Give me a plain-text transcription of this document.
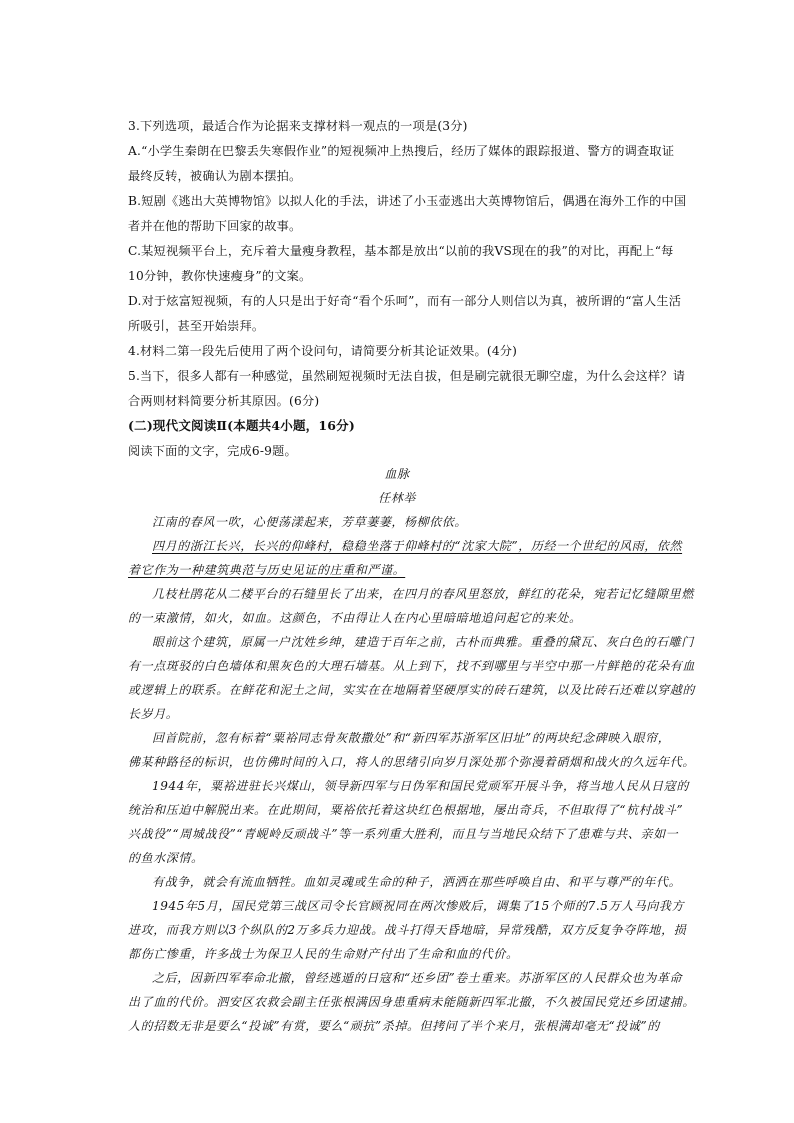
3.下列选项，最适合作为论据来支撑材料一观点的一项是(3分)
A.“小学生秦朗在巴黎丢失寒假作业”的短视频冲上热搜后，经历了媒体的跟踪报道、警方的调查取证
最终反转，被确认为剧本摆拍。
B.短剧《逃出大英博物馆》以拟人化的手法，讲述了小玉壶逃出大英博物馆后，偶遇在海外工作的中国
者并在他的帮助下回家的故事。
C.某短视频平台上，充斥着大量瘦身教程，基本都是放出“以前的我VS现在的我”的对比，再配上“每
10分钟，教你快速瘦身”的文案。
D.对于炫富短视频，有的人只是出于好奇“看个乐呵”，而有一部分人则信以为真，被所谓的“富人生活
所吸引，甚至开始崇拜。
4.材料二第一段先后使用了两个设问句，请简要分析其论证效果。(4分)
5.当下，很多人都有一种感觉，虽然刷短视频时无法自拔，但是刷完就很无聊空虚，为什么会这样？请
合两则材料简要分析其原因。(6分)
(二)现代文阅读Ⅱ(本题共4小题，16分)
阅读下面的文字，完成6-9题。
血脉
任林举
江南的春风一吹，心便荡漾起来，芳草萋萋，杨柳依依。
四月的浙江长兴，长兴的仰峰村，稳稳坐落于仰峰村的“沈家大院”，历经一个世纪的风雨，依然
着它作为一种建筑典范与历史见证的庄重和严谨。
几枝杜鹃花从二楼平台的石缝里长了出来，在四月的春风里怒放，鲜红的花朵，宛若记忆缝隙里燃
的一束激情，如火，如血。这颜色，不由得让人在内心里暗暗地追问起它的来处。
眼前这个建筑，原属一户沈姓乡绅，建造于百年之前，古朴而典雅。重叠的黛瓦、灰白色的石雕门
有一点斑驳的白色墙体和黑灰色的大理石墙基。从上到下，找不到哪里与半空中那一片鲜艳的花朵有血
或逻辑上的联系。在鲜花和泥土之间，实实在在地隔着坚硬厚实的砖石建筑，以及比砖石还难以穿越的
长岁月。
回首院前，忽有标着“粟裕同志骨灰散撒处”和“新四军苏浙军区旧址”的两块纪念碑映入眼帘，
佛某种路径的标识，也仿佛时间的入口，将人的思绪引向岁月深处那个弥漫着硝烟和战火的久远年代。
1944年，粟裕进驻长兴煤山，领导新四军与日伪军和国民党顽军开展斗争，将当地人民从日寇的
统治和压迫中解脱出来。在此期间，粟裕依托着这块红色根据地，屡出奇兵，不但取得了“杭村战斗”
兴战役”“周城战役”“青岘岭反顽战斗”等一系列重大胜利，而且与当地民众结下了患难与共、亲如一
的鱼水深情。
有战争，就会有流血牺牲。血如灵魂或生命的种子，洒洒在那些呼唤自由、和平与尊严的年代。
1945年5月，国民党第三战区司令长官顾祝同在两次惨败后，调集了15个师的7.5万人马向我方
进攻，而我方则以3个纵队的2万多兵力迎战。战斗打得天昏地暗，异常残酷，双方反复争夺阵地，损
都伤亡惨重，许多战士为保卫人民的生命财产付出了生命和血的代价。
之后，因新四军奉命北撤，曾经逃遁的日寇和“还乡团”卷土重来。苏浙军区的人民群众也为革命
出了血的代价。泗安区农救会副主任张根满因身患重病未能随新四军北撤，不久被国民党还乡团逮捕。
人的招数无非是要么“投诚”有赏，要么“顽抗”杀掉。但拷问了半个来月，张根满却毫无“投诚”的
